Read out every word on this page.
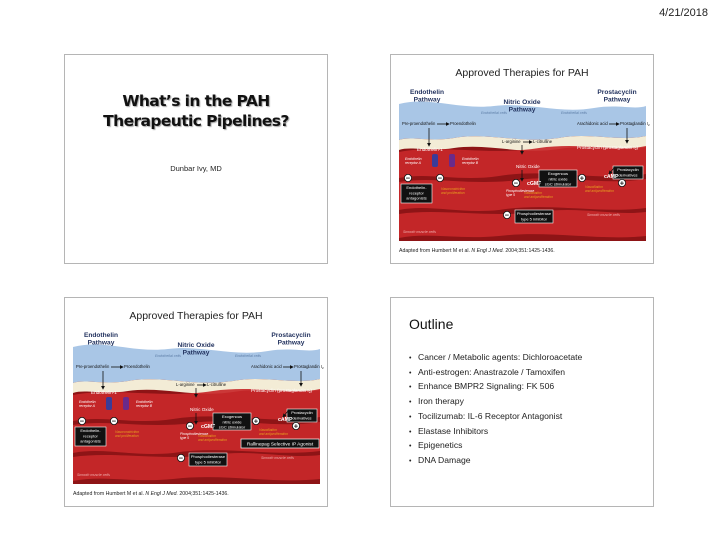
4/21/2018
What’s in the PAH
Therapeutic Pipelines?
Dunbar Ivy, MD
Approved Therapies for PAH
Endothelin
Pathway	Nitric Oxide
Pathway
Prostacyclin
Pathway
Endothelial cells	Endothelial cells
Pre-proendothelin	Proendothelin	Arachidonic acid	Prostaglandin $I_2$
L-arginine	L-citrulline
Endothelin-1	Prostacyclin (prostaglandin $I_2$)
Endothelin
receptor A
Endothelin
receptor B
Nitric Oxide
Exogenous
nitric oxide
sGC stimulator
Prostacyclin
derivatives
Endothelin-
receptor
antagonists
Phosphodiesterase
type 5 inhibitor
cAMP
cGMP
−	−
−
+
+
−
Vasoconstriction
and proliferation
Vasodilation
and antiproliferation
Vasodilation
and antiproliferation
Phosphodiesterase
type 5
Smooth muscle cells
Smooth muscle cells
Adapted from Humbert M et al. N Engl J Med. 2004;351:1425-1436.
Approved Therapies for PAH
Endothelin
Pathway	Nitric Oxide
Pathway
Prostacyclin
Pathway
Endothelial cells	Endothelial cells
Pre-proendothelin	Proendothelin	Arachidonic acid	Prostaglandin $I_2$
L-arginine	L-citrulline
Endothelin-1	Prostacyclin (prostaglandin $I_2$)
Endothelin
receptor A
Endothelin
receptor B
Nitric Oxide
Exogenous
nitric oxide
sGC stimulator
Prostacyclin
derivatives
Endothelin-
receptor
antagonists
Phosphodiesterase
type 5 inhibitor
cAMP
cGMP
−	−
−
+
+
−
Vasoconstriction
and proliferation
Vasodilation
and antiproliferation
Vasodilation
and antiproliferation
Phosphodiesterase
type 5
Smooth muscle cells
Smooth muscle cells
Rallinepag Selective IP Agonist
Adapted from Humbert M et al. N Engl J Med. 2004;351:1425-1436.
Outline
• Cancer / Metabolic agents: Dichloroacetate
• Anti-estrogen: Anastrazole / Tamoxifen
• Enhance BMPR2 Signaling: FK 506
• Iron therapy
• Tocilizumab: IL-6 Receptor Antagonist
• Elastase Inhibitors
• Epigenetics
• DNA Damage
